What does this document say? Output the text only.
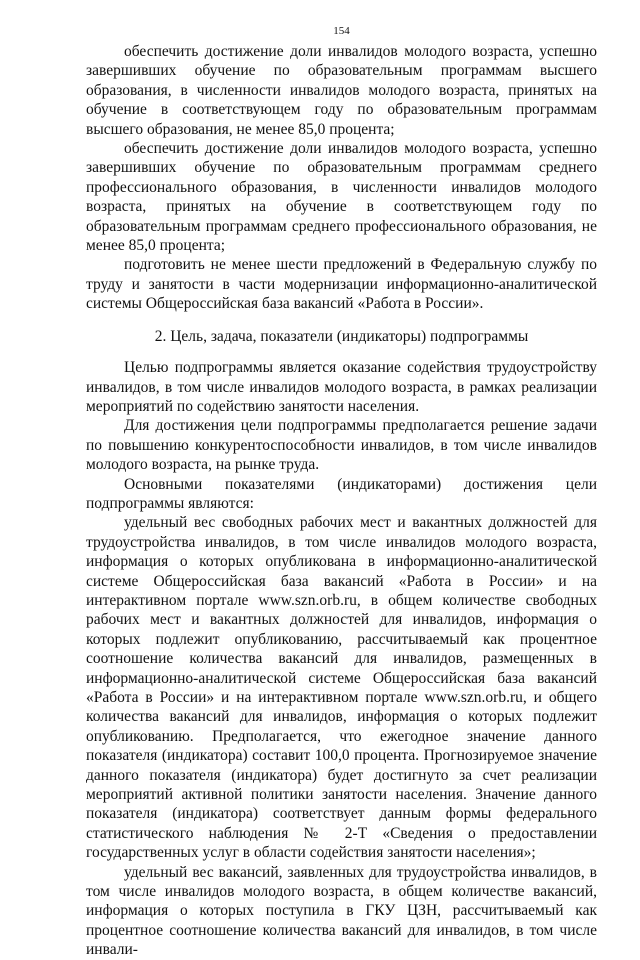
154

обеспечить достижение доли инвалидов молодого возраста, успешно завершивших обучение по образовательным программам высшего образования, в численности инвалидов молодого возраста, принятых на обучение в соответствующем году по образовательным программам высшего образования, не менее 85,0 процента;

обеспечить достижение доли инвалидов молодого возраста, успешно завершивших обучение по образовательным программам среднего профессионального образования, в численности инвалидов молодого возраста, принятых на обучение в соответствующем году по образовательным программам среднего профессионального образования, не менее 85,0 процента;

подготовить не менее шести предложений в Федеральную службу по труду и занятости в части модернизации информационно-аналитической системы Общероссийская база вакансий «Работа в России».

2. Цель, задача, показатели (индикаторы) подпрограммы

Целью подпрограммы является оказание содействия трудоустройству инвалидов, в том числе инвалидов молодого возраста, в рамках реализации мероприятий по содействию занятости населения.

Для достижения цели подпрограммы предполагается решение задачи по повышению конкурентоспособности инвалидов, в том числе инвалидов молодого возраста, на рынке труда.

Основными показателями (индикаторами) достижения цели подпрограммы являются:

удельный вес свободных рабочих мест и вакантных должностей для трудоустройства инвалидов, в том числе инвалидов молодого возраста, информация о которых опубликована в информационно-аналитической системе Общероссийская база вакансий «Работа в России» и на интерактивном портале www.szn.orb.ru, в общем количестве свободных рабочих мест и вакантных должностей для инвалидов, информация о которых подлежит опубликованию, рассчитываемый как процентное соотношение количества вакансий для инвалидов, размещенных в информационно-аналитической системе Общероссийская база вакансий «Работа в России» и на интерактивном портале www.szn.orb.ru, и общего количества вакансий для инвалидов, информация о которых подлежит опубликованию. Предполагается, что ежегодное значение данного показателя (индикатора) составит 100,0 процента. Прогнозируемое значение данного показателя (индикатора) будет достигнуто за счет реализации мероприятий активной политики занятости населения. Значение данного показателя (индикатора) соответствует данным формы федерального статистического наблюдения № 2-Т «Сведения о предоставлении государственных услуг в области содействия занятости населения»;

удельный вес вакансий, заявленных для трудоустройства инвалидов, в том числе инвалидов молодого возраста, в общем количестве вакансий, информация о которых поступила в ГКУ ЦЗН, рассчитываемый как процентное соотношение количества вакансий для инвалидов, в том числе инвали-
